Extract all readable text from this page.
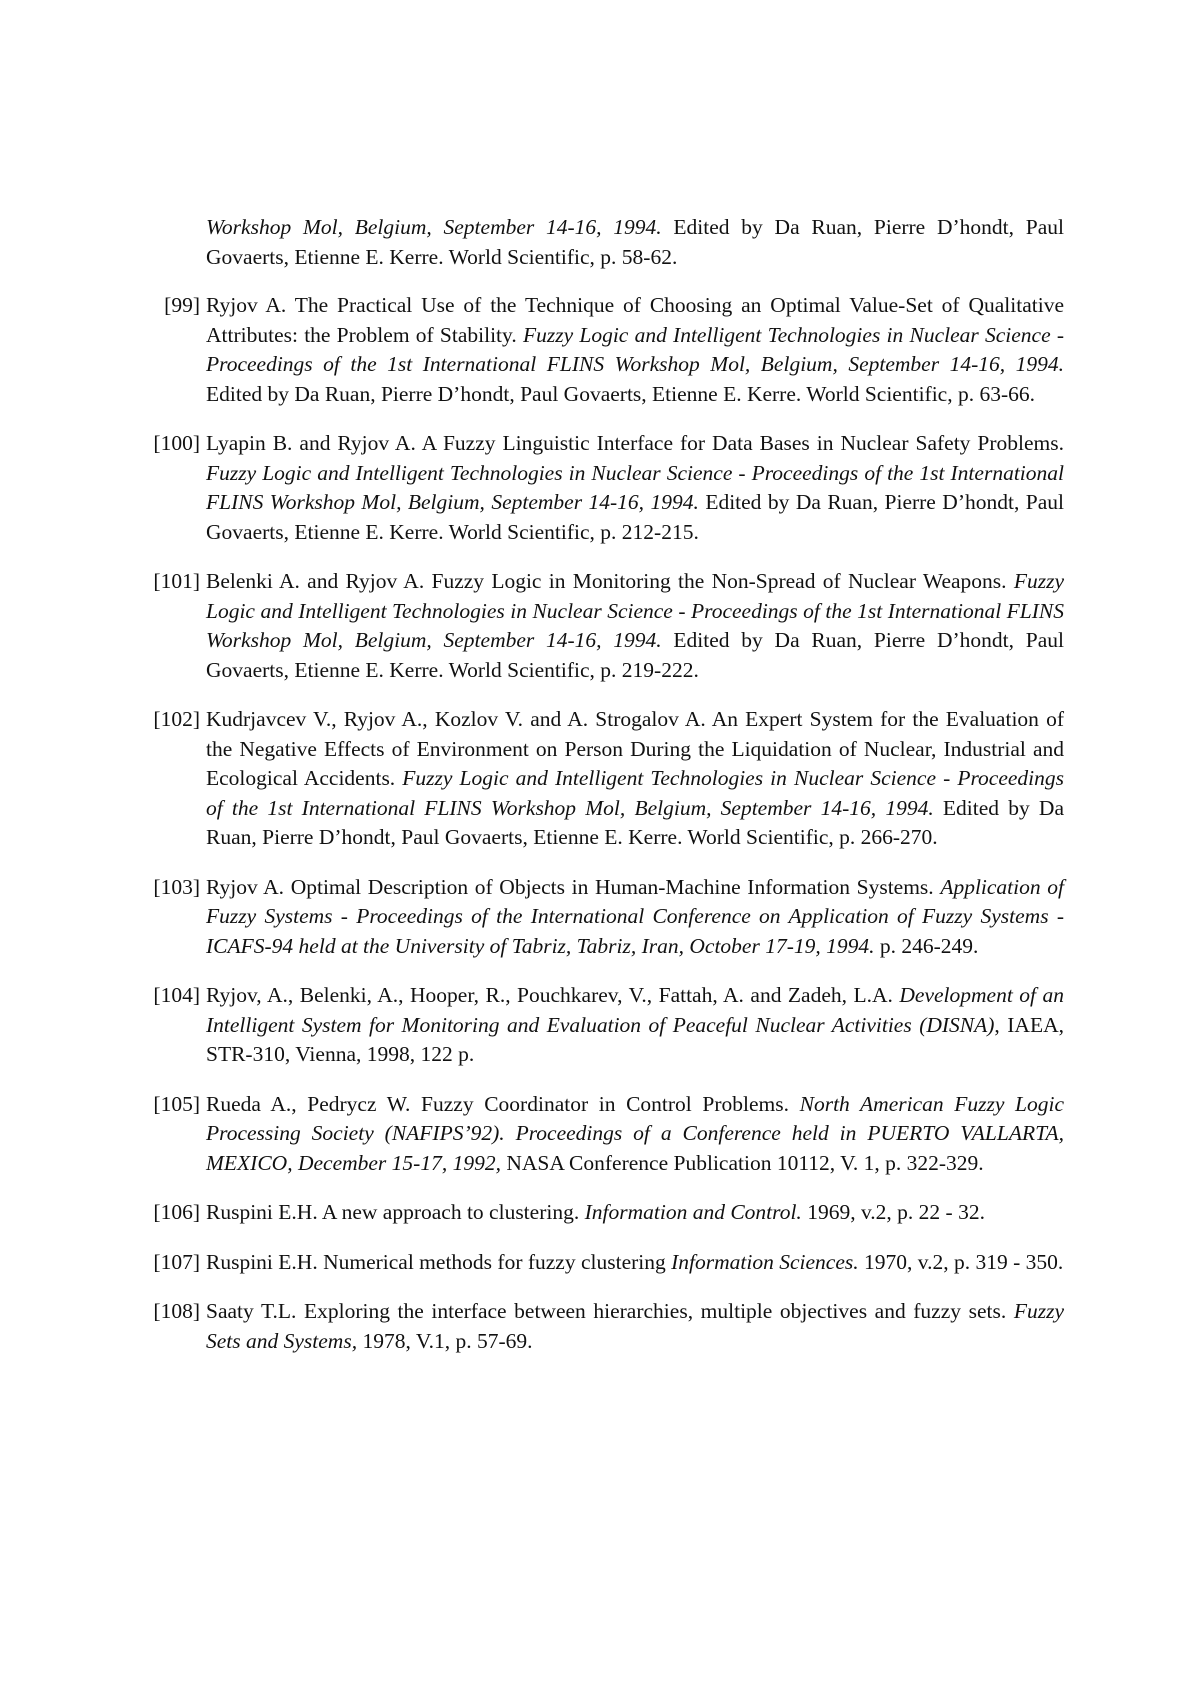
Workshop Mol, Belgium, September 14-16, 1994. Edited by Da Ruan, Pierre D’hondt, Paul Govaerts, Etienne E. Kerre. World Scientific, p. 58-62.
[99] Ryjov A. The Practical Use of the Technique of Choosing an Optimal Value-Set of Qualitative Attributes: the Problem of Stability. Fuzzy Logic and Intelligent Technologies in Nuclear Science - Proceedings of the 1st International FLINS Workshop Mol, Belgium, September 14-16, 1994. Edited by Da Ruan, Pierre D’hondt, Paul Govaerts, Etienne E. Kerre. World Scientific, p. 63-66.
[100] Lyapin B. and Ryjov A. A Fuzzy Linguistic Interface for Data Bases in Nuclear Safety Problems. Fuzzy Logic and Intelligent Technologies in Nuclear Science - Proceedings of the 1st International FLINS Workshop Mol, Belgium, September 14-16, 1994. Edited by Da Ruan, Pierre D’hondt, Paul Govaerts, Etienne E. Kerre. World Scientific, p. 212-215.
[101] Belenki A. and Ryjov A. Fuzzy Logic in Monitoring the Non-Spread of Nuclear Weapons. Fuzzy Logic and Intelligent Technologies in Nuclear Science - Proceedings of the 1st International FLINS Workshop Mol, Belgium, September 14-16, 1994. Edited by Da Ruan, Pierre D’hondt, Paul Govaerts, Etienne E. Kerre. World Scientific, p. 219-222.
[102] Kudrjavcev V., Ryjov A., Kozlov V. and A. Strogalov A. An Expert System for the Evaluation of the Negative Effects of Environment on Person During the Liquidation of Nuclear, Industrial and Ecological Accidents. Fuzzy Logic and Intelligent Technologies in Nuclear Science - Proceedings of the 1st International FLINS Workshop Mol, Belgium, September 14-16, 1994. Edited by Da Ruan, Pierre D’hondt, Paul Govaerts, Etienne E. Kerre. World Scientific, p. 266-270.
[103] Ryjov A. Optimal Description of Objects in Human-Machine Information Systems. Application of Fuzzy Systems - Proceedings of the International Conference on Application of Fuzzy Systems - ICAFS-94 held at the University of Tabriz, Tabriz, Iran, October 17-19, 1994. p. 246-249.
[104] Ryjov, A., Belenki, A., Hooper, R., Pouchkarev, V., Fattah, A. and Zadeh, L.A. Development of an Intelligent System for Monitoring and Evaluation of Peaceful Nuclear Activities (DISNA), IAEA, STR-310, Vienna, 1998, 122 p.
[105] Rueda A., Pedrycz W. Fuzzy Coordinator in Control Problems. North American Fuzzy Logic Processing Society (NAFIPS’92). Proceedings of a Conference held in PUERTO VALLARTA, MEXICO, December 15-17, 1992, NASA Conference Publication 10112, V. 1, p. 322-329.
[106] Ruspini E.H. A new approach to clustering. Information and Control. 1969, v.2, p. 22 - 32.
[107] Ruspini E.H. Numerical methods for fuzzy clustering Information Sciences. 1970, v.2, p. 319 - 350.
[108] Saaty T.L. Exploring the interface between hierarchies, multiple objectives and fuzzy sets. Fuzzy Sets and Systems, 1978, V.1, p. 57-69.
